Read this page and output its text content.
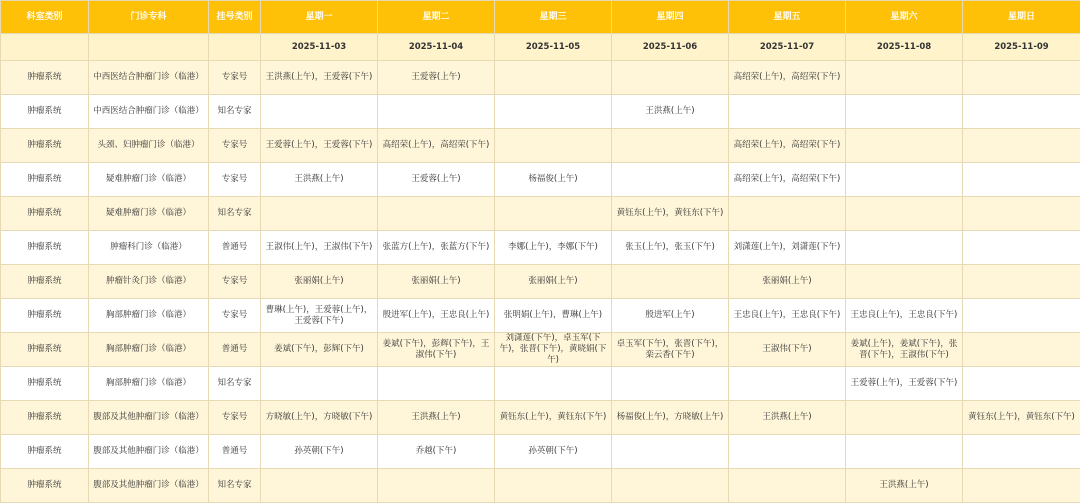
科室类别	门诊专科	挂号类别	星期一	星期二	星期三	星期四	星期五	星期六	星期日
			2025-11-03	2025-11-04	2025-11-05	2025-11-06	2025-11-07	2025-11-08	2025-11-09
肿瘤系统	中西医结合肿瘤门诊（临港）	专家号	王洪燕(上午)，王爱蓉(下午)	王爱蓉(上午)			高绍荣(上午)，高绍荣(下午)		
肿瘤系统	中西医结合肿瘤门诊（临港）	知名专家				王洪燕(上午)			
肿瘤系统	头颈、妇肿瘤门诊（临港）	专家号	王爱蓉(上午)，王爱蓉(下午)	高绍荣(上午)，高绍荣(下午)			高绍荣(上午)，高绍荣(下午)		
肿瘤系统	疑难肿瘤门诊（临港）	专家号	王洪燕(上午)	王爱蓉(上午)	杨福俊(上午)		高绍荣(上午)，高绍荣(下午)		
肿瘤系统	疑难肿瘤门诊（临港）	知名专家				黄钰东(上午)，黄钰东(下午)			
肿瘤系统	肿瘤科门诊（临港）	普通号	王淑伟(上午)，王淑伟(下午)	张蓝方(上午)，张蓝方(下午)	李娜(上午)，李娜(下午)	张玉(上午)，张玉(下午)	刘潇莲(上午)，刘潇莲(下午)		
肿瘤系统	肿瘤针灸门诊（临港）	专家号	张丽娟(上午)	张丽娟(上午)	张丽娟(上午)		张丽娟(上午)		
肿瘤系统	胸部肿瘤门诊（临港）	专家号	曹琳(上午)，王爱蓉(上午)，王爱蓉(下午)	殷进军(上午)，王忠良(上午)	张明娟(上午)，曹琳(上午)	殷进军(上午)	王忠良(上午)，王忠良(下午)	王忠良(上午)，王忠良(下午)	
肿瘤系统	胸部肿瘤门诊（临港）	普通号	姜斌(下午)，彭辉(下午)	姜斌(下午)，彭辉(下午)，王淑伟(下午)	刘潇莲(下午)，卓玉军(下午)，张晋(下午)，黄晓娟(下午)	卓玉军(下午)，张晋(下午)，栾云香(下午)	王淑伟(下午)	姜斌(上午)，姜斌(下午)，张晋(下午)，王淑伟(下午)	
肿瘤系统	胸部肿瘤门诊（临港）	知名专家						王爱蓉(上午)，王爱蓉(下午)	
肿瘤系统	腹部及其他肿瘤门诊（临港）	专家号	方晓敏(上午)，方晓敏(下午)	王洪燕(上午)	黄钰东(上午)，黄钰东(下午)	杨福俊(上午)，方晓敏(上午)	王洪燕(上午)		黄钰东(上午)，黄钰东(下午)
肿瘤系统	腹部及其他肿瘤门诊（临港）	普通号	孙英朝(下午)	乔越(下午)	孙英朝(下午)				
肿瘤系统	腹部及其他肿瘤门诊（临港）	知名专家						王洪燕(上午)	
